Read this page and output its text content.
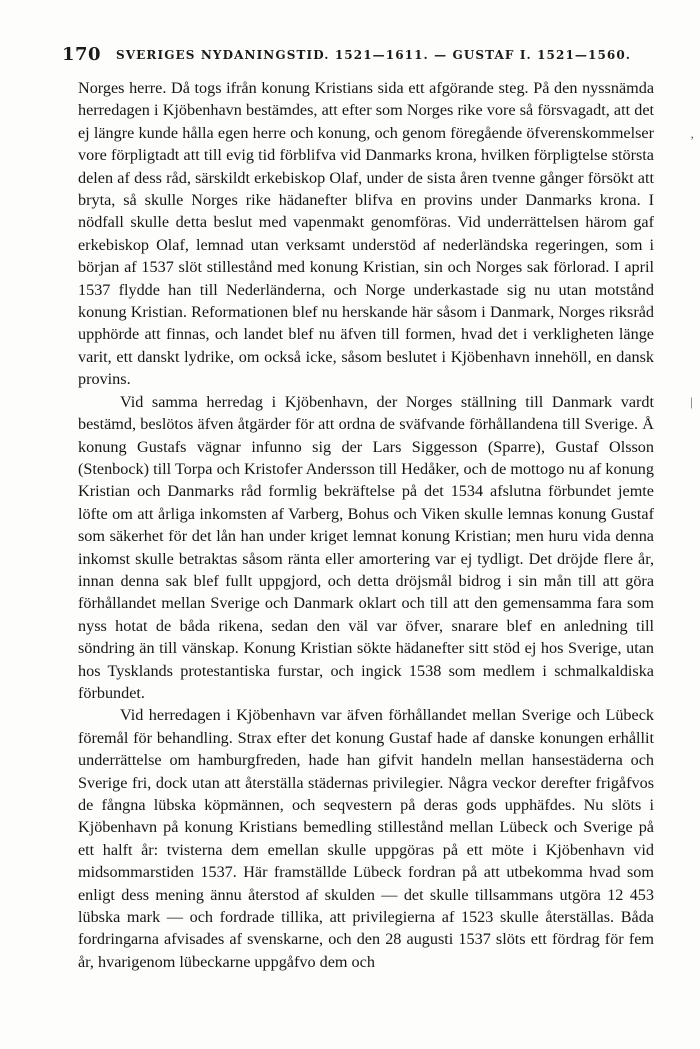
170 SVERIGES NYDANINGSTID. 1521—1611. — GUSTAF I. 1521—1560.

Norges herre. Då togs ifrån konung Kristians sida ett afgörande steg. På den nyssnämda herredagen i Kjöbenhavn bestämdes, att efter som Norges rike vore så försvagadt, att det ej längre kunde hålla egen herre och konung, och genom föregående öfverenskommelser vore förpligtadt att till evig tid förblifva vid Danmarks krona, hvilken förpligtelse största delen af dess råd, särskildt erkebiskop Olaf, under de sista åren tvenne gånger försökt att bryta, så skulle Norges rike hädanefter blifva en provins under Danmarks krona. I nödfall skulle detta beslut med vapenmakt genomföras. Vid underrättelsen härom gaf erkebiskop Olaf, lemnad utan verksamt understöd af nederländska regeringen, som i början af 1537 slöt stillestånd med konung Kristian, sin och Norges sak förlorad. I april 1537 flydde han till Nederländerna, och Norge underkastade sig nu utan motstånd konung Kristian. Reformationen blef nu herskande här såsom i Danmark, Norges riksråd upphörde att finnas, och landet blef nu äfven till formen, hvad det i verkligheten länge varit, ett danskt lydrike, om också icke, såsom beslutet i Kjöbenhavn innehöll, en dansk provins.

Vid samma herredag i Kjöbenhavn, der Norges ställning till Danmark vardt bestämd, beslötos äfven åtgärder för att ordna de sväfvande förhållandena till Sverige. Å konung Gustafs vägnar infunno sig der Lars Siggesson (Sparre), Gustaf Olsson (Stenbock) till Torpa och Kristofer Andersson till Hedåker, och de mottogo nu af konung Kristian och Danmarks råd formlig bekräftelse på det 1534 afslutna förbundet jemte löfte om att årliga inkomsten af Varberg, Bohus och Viken skulle lemnas konung Gustaf som säkerhet för det lån han under kriget lemnat konung Kristian; men huru vida denna inkomst skulle betraktas såsom ränta eller amortering var ej tydligt. Det dröjde flere år, innan denna sak blef fullt uppgjord, och detta dröjsmål bidrog i sin mån till att göra förhållandet mellan Sverige och Danmark oklart och till att den gemensamma fara som nyss hotat de båda rikena, sedan den väl var öfver, snarare blef en anledning till söndring än till vänskap. Konung Kristian sökte hädanefter sitt stöd ej hos Sverige, utan hos Tysklands protestantiska furstar, och ingick 1538 som medlem i schmalkaldiska förbundet.

Vid herredagen i Kjöbenhavn var äfven förhållandet mellan Sverige och Lübeck föremål för behandling. Strax efter det konung Gustaf hade af danske konungen erhållit underrättelse om hamburgfreden, hade han gifvit handeln mellan hansestäderna och Sverige fri, dock utan att återställa städernas privilegier. Några veckor derefter frigåfvos de fångna lübska köpmännen, och seqvestern på deras gods upphäfdes. Nu slöts i Kjöbenhavn på konung Kristians bemedling stillestånd mellan Lübeck och Sverige på ett halft år: tvisterna dem emellan skulle uppgöras på ett möte i Kjöbenhavn vid midsommarstiden 1537. Här framställde Lübeck fordran på att utbekomma hvad som enligt dess mening ännu återstod af skulden — det skulle tillsammans utgöra 12 453 lübska mark — och fordrade tillika, att privilegierna af 1523 skulle återställas. Båda fordringarna afvisades af svenskarne, och den 28 augusti 1537 slöts ett fördrag för fem år, hvarigenom lübeckarne uppgåfvo dem och

‚
|
